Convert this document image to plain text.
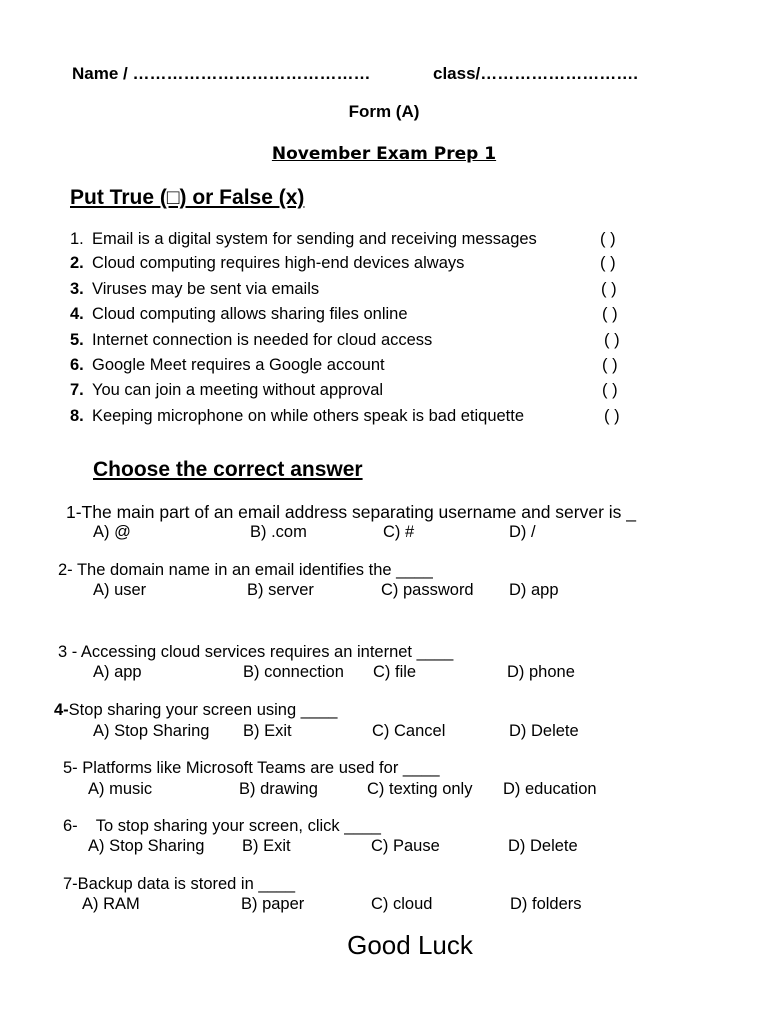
Name / ……………………………………	class/……………………….
Form (A)
November Exam Prep 1
Put True (□) or False (x)
1. Email is a digital system for sending and receiving messages	( )
2. Cloud computing requires high-end devices always	( )
3. Viruses may be sent via emails	( )
4. Cloud computing allows sharing files online	( )
5. Internet connection is needed for cloud access	( )
6. Google Meet requires a Google account	( )
7. You can join a meeting without approval	( )
8. Keeping microphone on while others speak is bad etiquette	( )
Choose the correct answer
1-The main part of an email address separating username and server is _
A) @	B) .com	C) #	D) /
2- The domain name in an email identifies the ____
A) user	B) server	C) password D) app
3 - Accessing cloud services requires an internet ____
A) app	B) connection C) file	D) phone
4-Stop sharing your screen using ____
A) Stop Sharing B) Exit	C) Cancel	D) Delete
5- Platforms like Microsoft Teams are used for ____
A) music	B) drawing	C) texting only D) education
6-    To stop sharing your screen, click ____
A) Stop Sharing B) Exit	C) Pause	D) Delete
7-Backup data is stored in ____
A) RAM	B) paper	C) cloud	D) folders
Good Luck
